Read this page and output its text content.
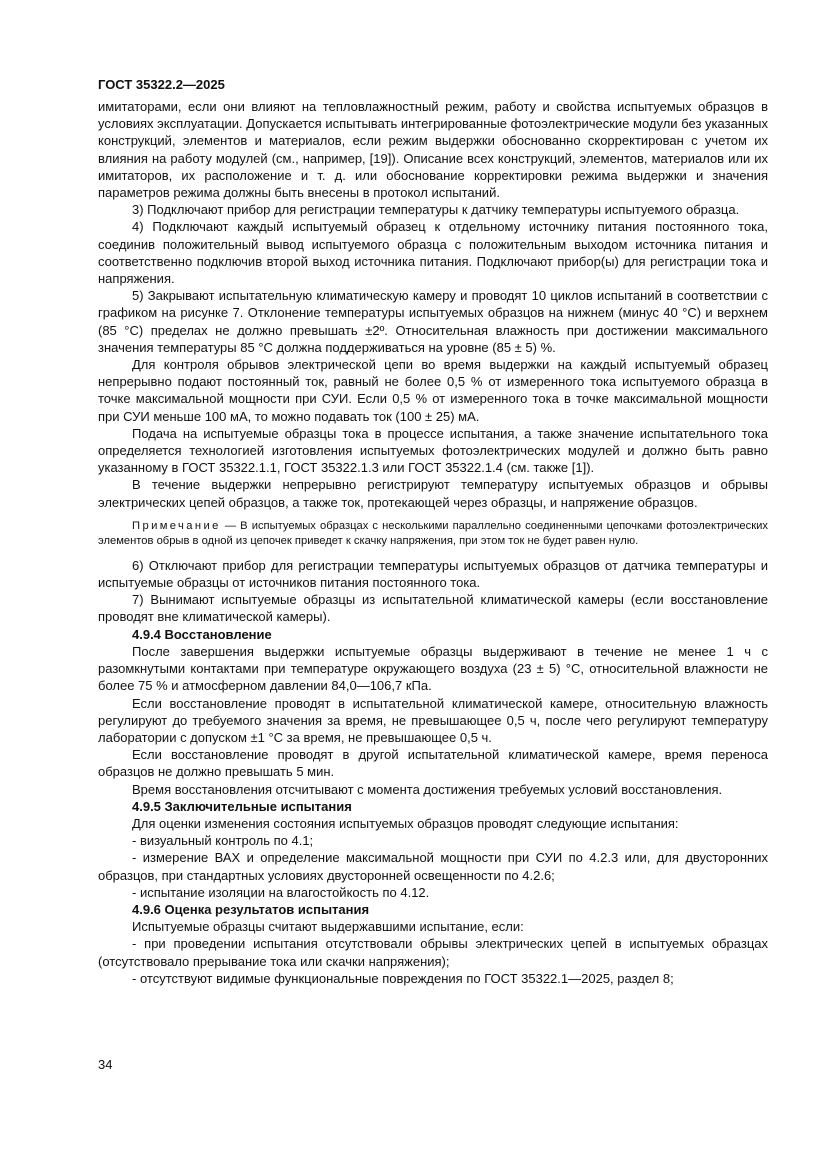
ГОСТ 35322.2—2025

имитаторами, если они влияют на тепловлажностный режим, работу и свойства испытуемых образцов в условиях эксплуатации. Допускается испытывать интегрированные фотоэлектрические модули без указанных конструкций, элементов и материалов, если режим выдержки обоснованно скорректирован с учетом их влияния на работу модулей (см., например, [19]). Описание всех конструкций, элементов, материалов или их имитаторов, их расположение и т. д. или обоснование корректировки режима выдержки и значения параметров режима должны быть внесены в протокол испытаний.

3) Подключают прибор для регистрации температуры к датчику температуры испытуемого образца.

4) Подключают каждый испытуемый образец к отдельному источнику питания постоянного тока, соединив положительный вывод испытуемого образца с положительным выходом источника питания и соответственно подключив второй выход источника питания. Подключают прибор(ы) для регистрации тока и напряжения.

5) Закрывают испытательную климатическую камеру и проводят 10 циклов испытаний в соответствии с графиком на рисунке 7. Отклонение температуры испытуемых образцов на нижнем (минус 40 °С) и верхнем (85 °С) пределах не должно превышать ±2º. Относительная влажность при достижении максимального значения температуры 85 °С должна поддерживаться на уровне (85 ± 5) %.

Для контроля обрывов электрической цепи во время выдержки на каждый испытуемый образец непрерывно подают постоянный ток, равный не более 0,5 % от измеренного тока испытуемого образца в точке максимальной мощности при СУИ. Если 0,5 % от измеренного тока в точке максимальной мощности при СУИ меньше 100 мА, то можно подавать ток (100 ± 25) мА.

Подача на испытуемые образцы тока в процессе испытания, а также значение испытательного тока определяется технологией изготовления испытуемых фотоэлектрических модулей и должно быть равно указанному в ГОСТ 35322.1.1, ГОСТ 35322.1.3 или ГОСТ 35322.1.4 (см. также [1]).

В течение выдержки непрерывно регистрируют температуру испытуемых образцов и обрывы электрических цепей образцов, а также ток, протекающей через образцы, и напряжение образцов.

Примечание — В испытуемых образцах с несколькими параллельно соединенными цепочками фотоэлектрических элементов обрыв в одной из цепочек приведет к скачку напряжения, при этом ток не будет равен нулю.

6) Отключают прибор для регистрации температуры испытуемых образцов от датчика температуры и испытуемые образцы от источников питания постоянного тока.

7) Вынимают испытуемые образцы из испытательной климатической камеры (если восстановление проводят вне климатической камеры).

4.9.4 Восстановление

После завершения выдержки испытуемые образцы выдерживают в течение не менее 1 ч с разомкнутыми контактами при температуре окружающего воздуха (23 ± 5) °С, относительной влажности не более 75 % и атмосферном давлении 84,0—106,7 кПа.

Если восстановление проводят в испытательной климатической камере, относительную влажность регулируют до требуемого значения за время, не превышающее 0,5 ч, после чего регулируют температуру лаборатории с допуском ±1 °С за время, не превышающее 0,5 ч.

Если восстановление проводят в другой испытательной климатической камере, время переноса образцов не должно превышать 5 мин.

Время восстановления отсчитывают с момента достижения требуемых условий восстановления.

4.9.5 Заключительные испытания

Для оценки изменения состояния испытуемых образцов проводят следующие испытания:

- визуальный контроль по 4.1;

- измерение ВАХ и определение максимальной мощности при СУИ по 4.2.3 или, для двусторонних образцов, при стандартных условиях двусторонней освещенности по 4.2.6;

- испытание изоляции на влагостойкость по 4.12.

4.9.6 Оценка результатов испытания

Испытуемые образцы считают выдержавшими испытание, если:

- при проведении испытания отсутствовали обрывы электрических цепей в испытуемых образцах (отсутствовало прерывание тока или скачки напряжения);

- отсутствуют видимые функциональные повреждения по ГОСТ 35322.1—2025, раздел 8;

34
